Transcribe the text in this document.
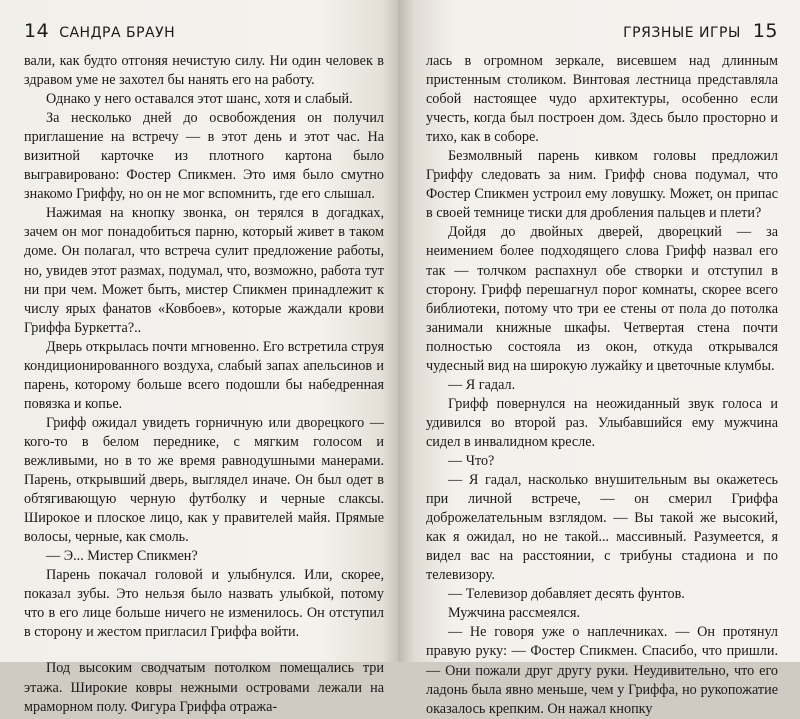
14 САНДРА БРАУН

вали, как будто отгоняя нечистую силу. Ни один человек в здравом уме не захотел бы нанять его на работу.

Однако у него оставался этот шанс, хотя и слабый.

За несколько дней до освобождения он получил приглашение на встречу — в этот день и этот час. На визитной карточке из плотного картона было выгравировано: Фостер Спикмен. Это имя было смутно знакомо Гриффу, но он не мог вспомнить, где его слышал.

Нажимая на кнопку звонка, он терялся в догадках, зачем он мог понадобиться парню, который живет в таком доме. Он полагал, что встреча сулит предложение работы, но, увидев этот размах, подумал, что, возможно, работа тут ни при чем. Может быть, мистер Спикмен принадлежит к числу ярых фанатов «Ковбоев», которые жаждали крови Гриффа Буркетта?..

Дверь открылась почти мгновенно. Его встретила струя кондиционированного воздуха, слабый запах апельсинов и парень, которому больше всего подошли бы набедренная повязка и копье.

Грифф ожидал увидеть горничную или дворецкого — кого-то в белом переднике, с мягким голосом и вежливыми, но в то же время равнодушными манерами. Парень, открывший дверь, выглядел иначе. Он был одет в обтягивающую черную футболку и черные слаксы. Широкое и плоское лицо, как у правителей майя. Прямые волосы, черные, как смоль.

— Э... Мистер Спикмен?

Парень покачал головой и улыбнулся. Или, скорее, показал зубы. Это нельзя было назвать улыбкой, потому что в его лице больше ничего не изменилось. Он отступил в сторону и жестом пригласил Гриффа войти.

Под высоким сводчатым потолком помещались три этажа. Широкие ковры нежными островами лежали на мраморном полу. Фигура Гриффа отража-

ГРЯЗНЫЕ ИГРЫ 15

лась в огромном зеркале, висевшем над длинным пристенным столиком. Винтовая лестница представляла собой настоящее чудо архитектуры, особенно если учесть, когда был построен дом. Здесь было просторно и тихо, как в соборе.

Безмолвный парень кивком головы предложил Гриффу следовать за ним. Грифф снова подумал, что Фостер Спикмен устроил ему ловушку. Может, он припас в своей темнице тиски для дробления пальцев и плети?

Дойдя до двойных дверей, дворецкий — за неимением более подходящего слова Грифф назвал его так — толчком распахнул обе створки и отступил в сторону. Грифф перешагнул порог комнаты, скорее всего библиотеки, потому что три ее стены от пола до потолка занимали книжные шкафы. Четвертая стена почти полностью состояла из окон, откуда открывался чудесный вид на широкую лужайку и цветочные клумбы.

— Я гадал.

Грифф повернулся на неожиданный звук голоса и удивился во второй раз. Улыбавшийся ему мужчина сидел в инвалидном кресле.

— Что?

— Я гадал, насколько внушительным вы окажетесь при личной встрече, — он смерил Гриффа доброжелательным взглядом. — Вы такой же высокий, как я ожидал, но не такой... массивный. Разумеется, я видел вас на расстоянии, с трибуны стадиона и по телевизору.

— Телевизор добавляет десять фунтов.

Мужчина рассмеялся.

— Не говоря уже о наплечниках. — Он протянул правую руку: — Фостер Спикмен. Спасибо, что пришли. — Они пожали друг другу руки. Неудивительно, что его ладонь была явно меньше, чем у Гриффа, но рукопожатие оказалось крепким. Он нажал кнопку
